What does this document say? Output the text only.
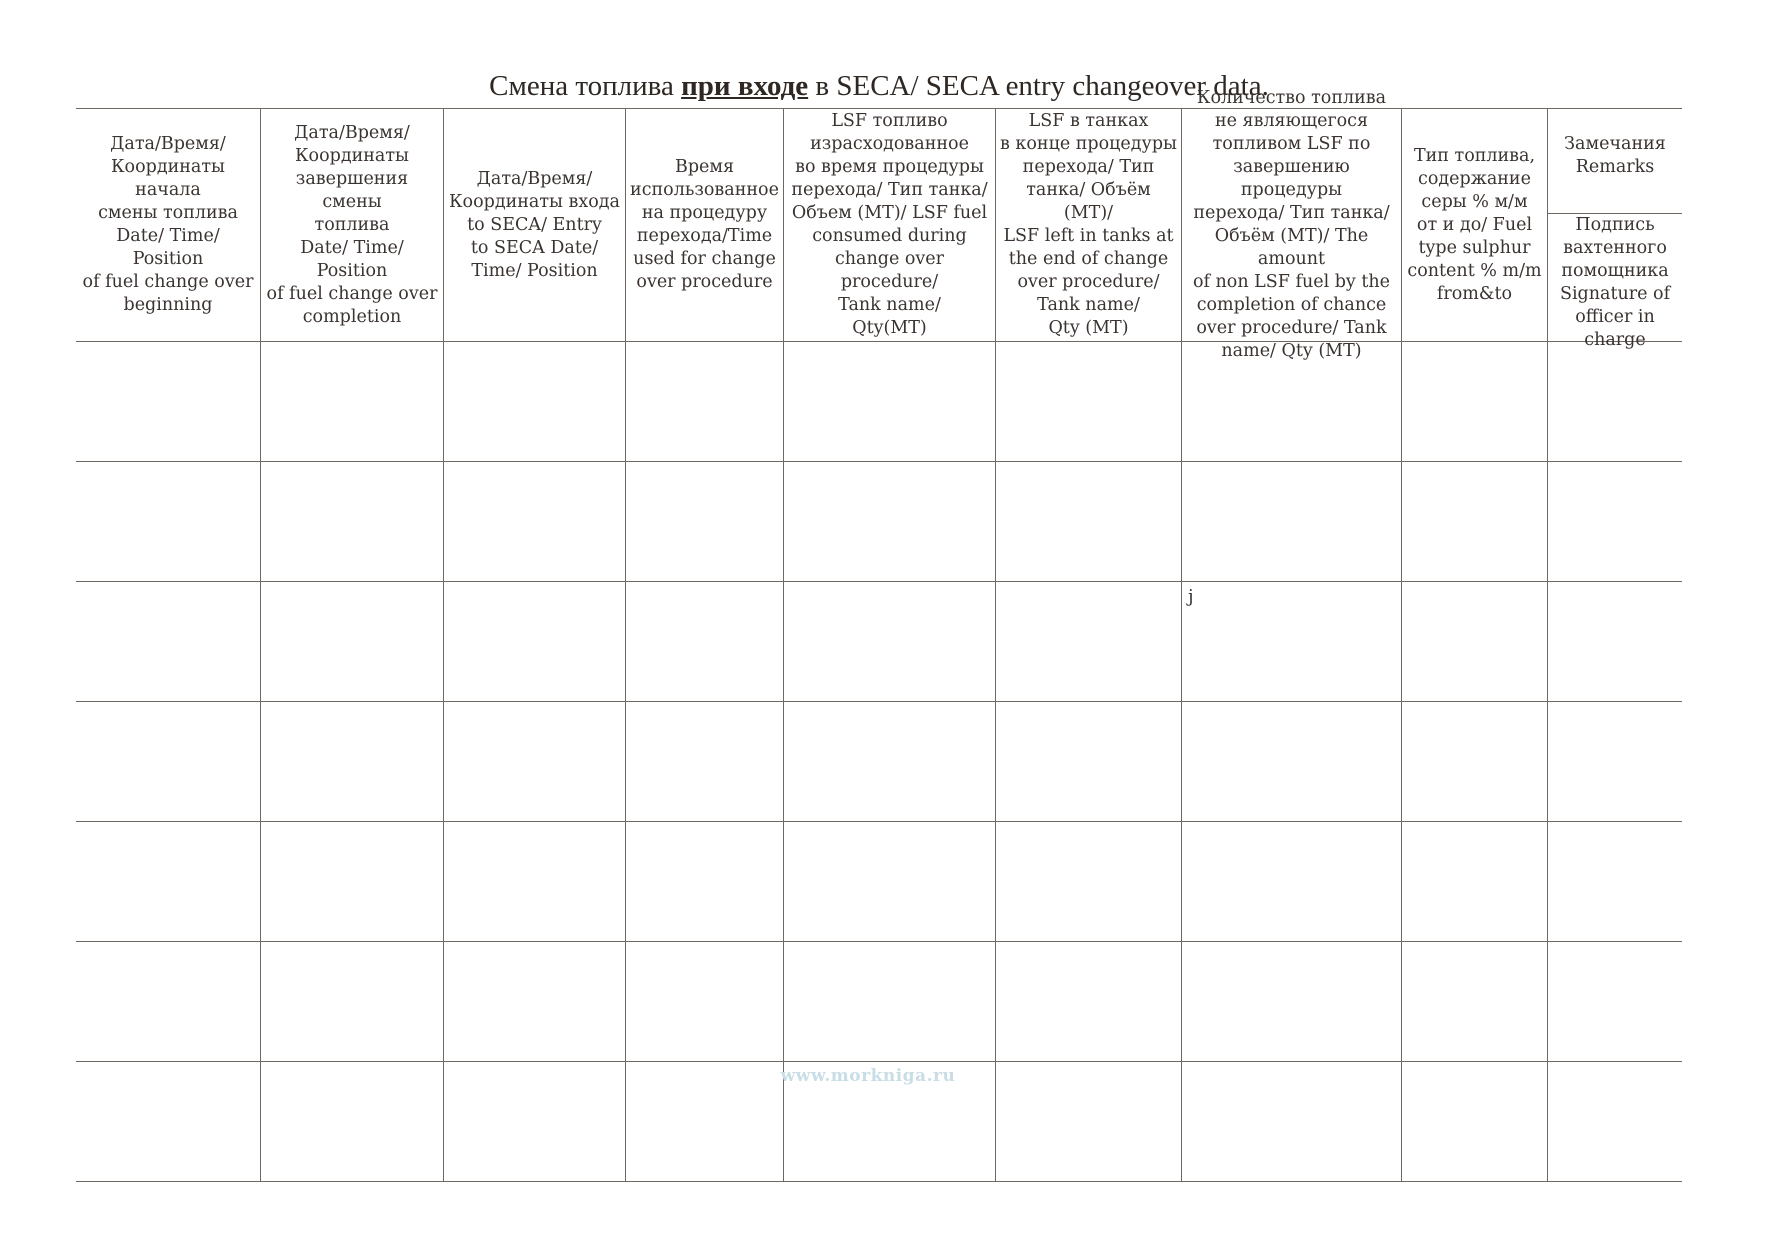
Смена топлива при входе в SECA/ SECA entry changeover data.
Дата/Время/
Координаты начала
смены топлива
Date/ Time/ Position
of fuel change over
beginning
Дата/Время/
Координаты
завершения смены
топлива
Date/ Time/ Position
of fuel change over
completion
Дата/Время/
Координаты входа
to SECA/ Entry
to SECA Date/
Time/ Position
Время
использованное
на процедуру
перехода/Time
used for change
over procedure
LSF топливо
израсходованное
во время процедуры
перехода/ Тип танка/
Объем (МТ)/ LSF fuel
consumed during
change over procedure/
Tank name/
Qty(MT)
LSF в танках
в конце процедуры
перехода/ Тип
танка/ Объём (МТ)/
LSF left in tanks at
the end of change
over procedure/
Tank name/
Qty (MT)
Количество топлива
не являющегося
топливом LSF по
завершению процедуры
перехода/ Тип танка/
Объём (МТ)/ The amount
of non LSF fuel by the
completion of chance
over procedure/ Tank
name/ Qty (MT)
Тип топлива,
содержание
серы % м/м
от и до/ Fuel
type sulphur
content % m/m
from&to
Замечания
Remarks
Подпись
вахтенного
помощника
Signature of
officer in charge
j
www.morkniga.ru
